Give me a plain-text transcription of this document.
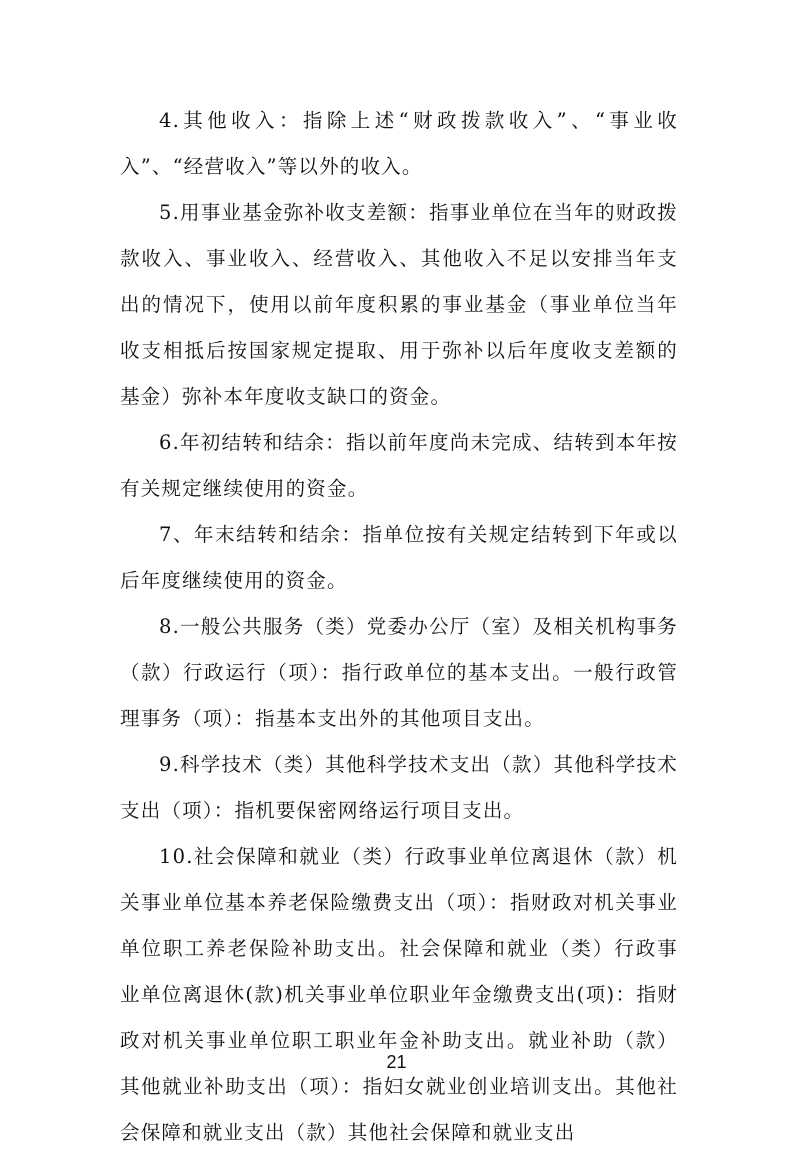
4.其他收入：指除上述“财政拨款收入”、“事业收入”、“经营收入”等以外的收入。

5.用事业基金弥补收支差额：指事业单位在当年的财政拨款收入、事业收入、经营收入、其他收入不足以安排当年支出的情况下，使用以前年度积累的事业基金（事业单位当年收支相抵后按国家规定提取、用于弥补以后年度收支差额的基金）弥补本年度收支缺口的资金。

6.年初结转和结余：指以前年度尚未完成、结转到本年按有关规定继续使用的资金。

7、年末结转和结余：指单位按有关规定结转到下年或以后年度继续使用的资金。

8.一般公共服务（类）党委办公厅（室）及相关机构事务（款）行政运行（项）：指行政单位的基本支出。一般行政管理事务（项）：指基本支出外的其他项目支出。

9.科学技术（类）其他科学技术支出（款）其他科学技术支出（项）：指机要保密网络运行项目支出。

10.社会保障和就业（类）行政事业单位离退休（款）机关事业单位基本养老保险缴费支出（项）：指财政对机关事业单位职工养老保险补助支出。社会保障和就业（类）行政事业单位离退休(款)机关事业单位职业年金缴费支出(项)：指财政对机关事业单位职工职业年金补助支出。就业补助（款）其他就业补助支出（项）：指妇女就业创业培训支出。其他社会保障和就业支出（款）其他社会保障和就业支出

21
